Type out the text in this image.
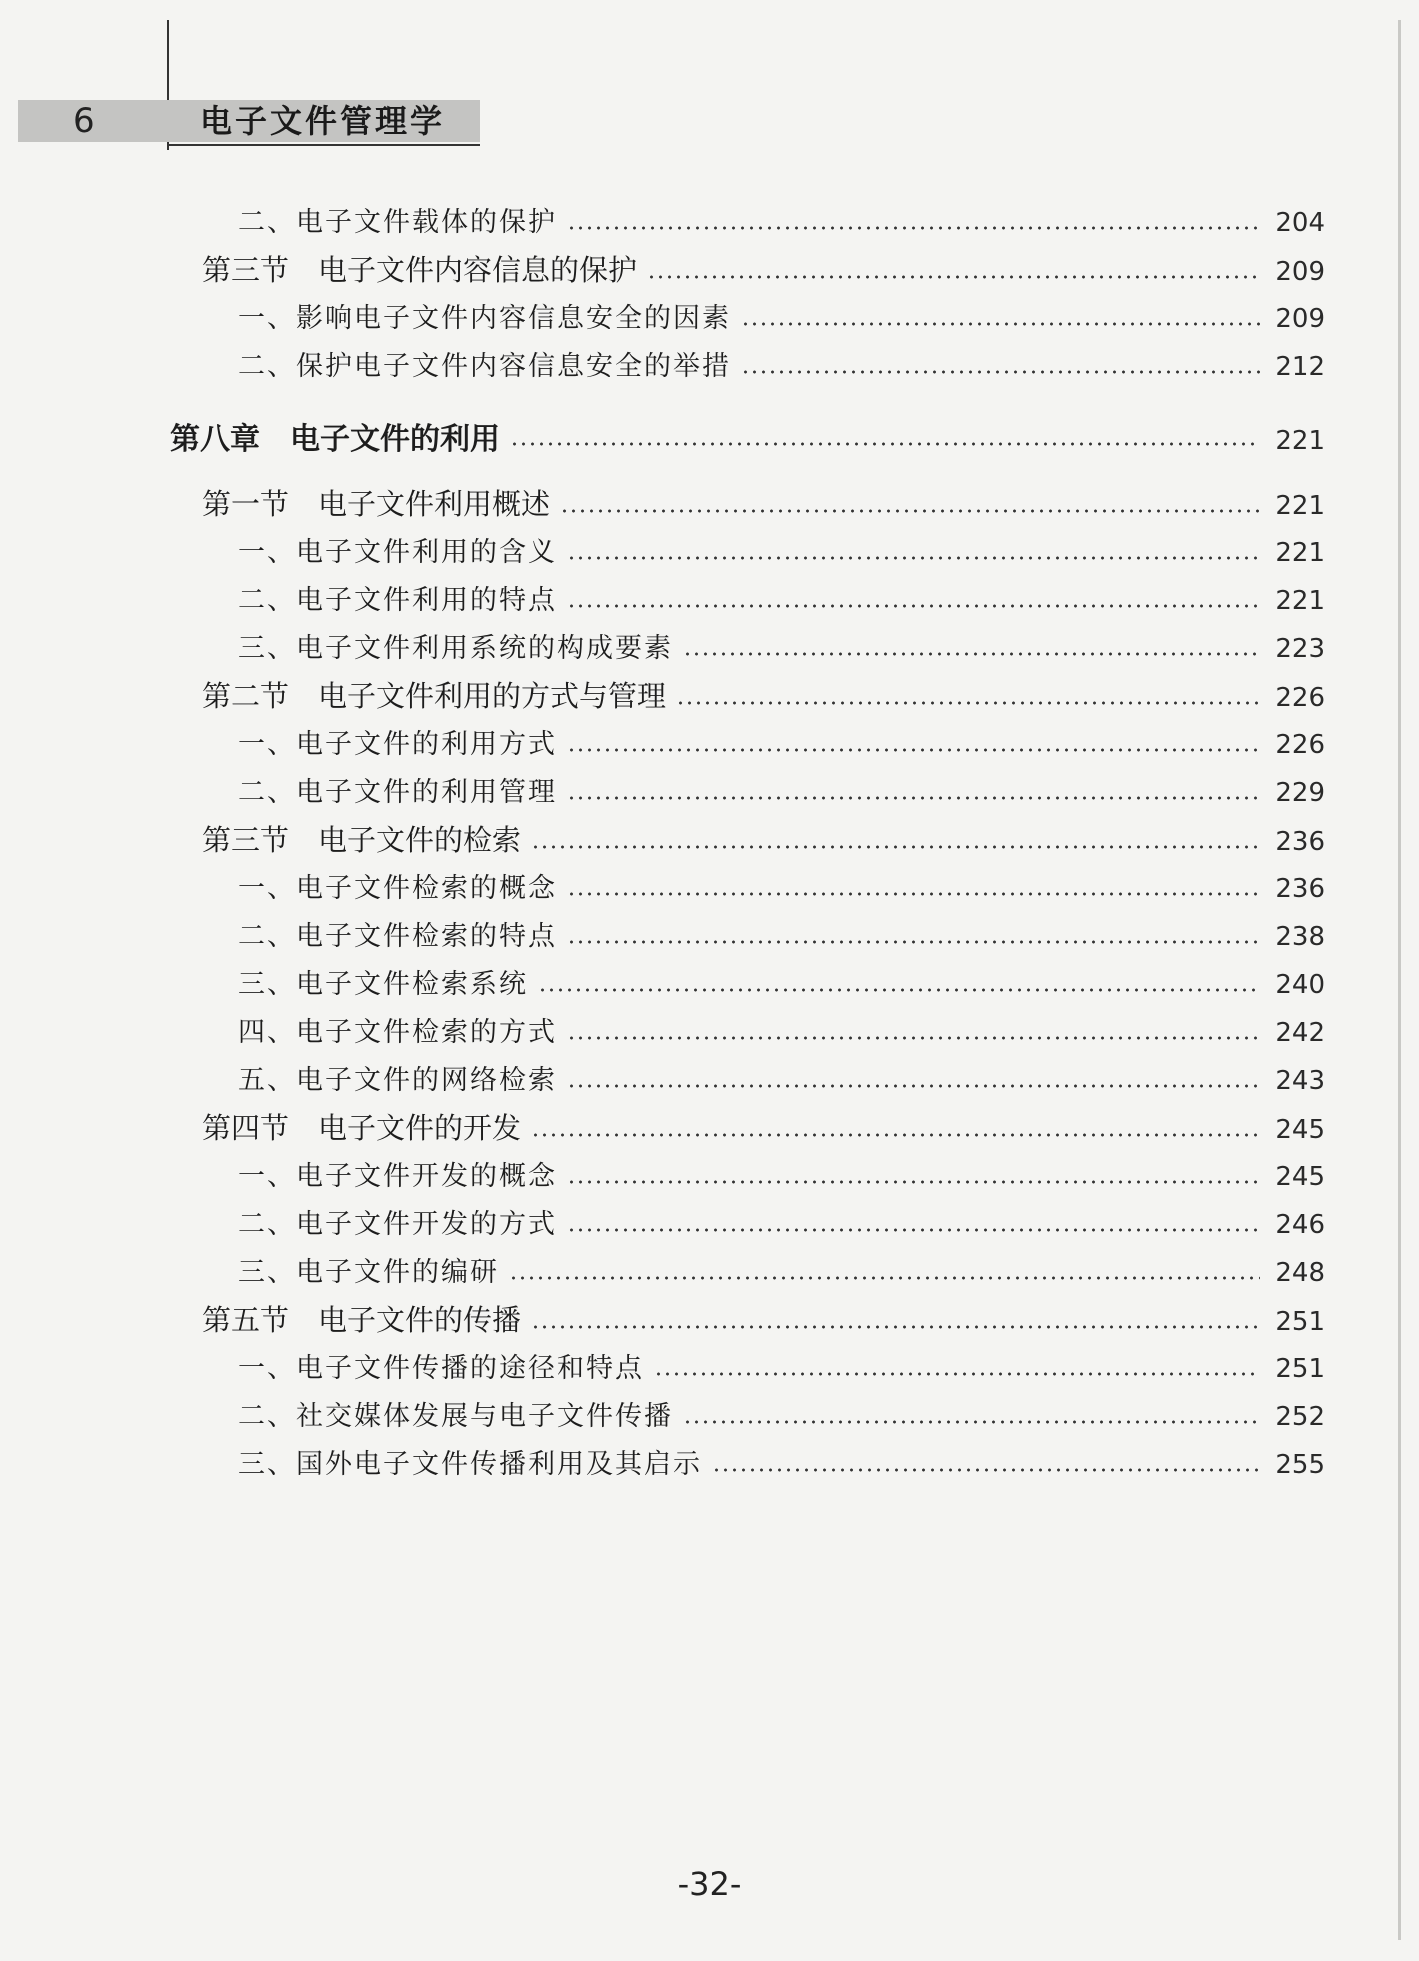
6	电子文件管理学
二、电子文件载体的保护	204
第三节　电子文件内容信息的保护	209
一、影响电子文件内容信息安全的因素	209
二、保护电子文件内容信息安全的举措	212
第八章　电子文件的利用	221
第一节　电子文件利用概述	221
一、电子文件利用的含义	221
二、电子文件利用的特点	221
三、电子文件利用系统的构成要素	223
第二节　电子文件利用的方式与管理	226
一、电子文件的利用方式	226
二、电子文件的利用管理	229
第三节　电子文件的检索	236
一、电子文件检索的概念	236
二、电子文件检索的特点	238
三、电子文件检索系统	240
四、电子文件检索的方式	242
五、电子文件的网络检索	243
第四节　电子文件的开发	245
一、电子文件开发的概念	245
二、电子文件开发的方式	246
三、电子文件的编研	248
第五节　电子文件的传播	251
一、电子文件传播的途径和特点	251
二、社交媒体发展与电子文件传播	252
三、国外电子文件传播利用及其启示	255
-32-
